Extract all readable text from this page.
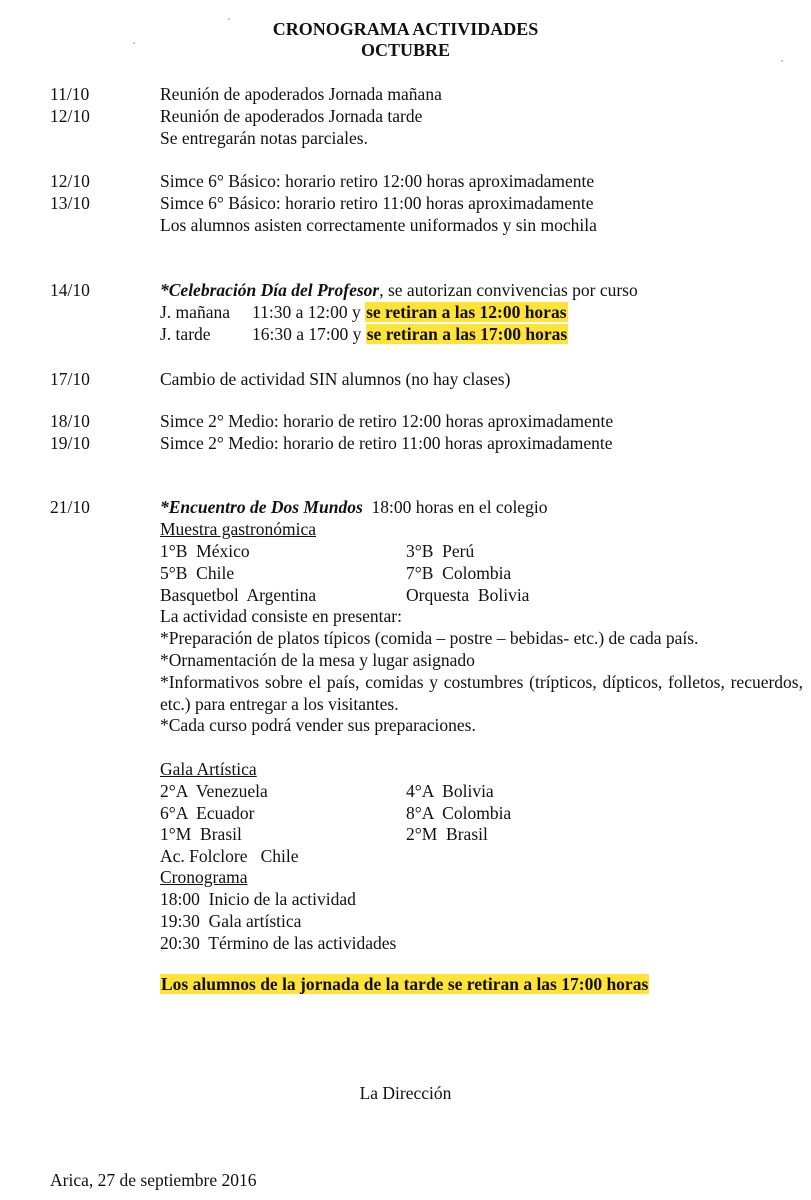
CRONOGRAMA ACTIVIDADES
OCTUBRE
11/10	Reunión de apoderados Jornada mañana
12/10	Reunión de apoderados Jornada tarde
Se entregarán notas parciales.
12/10	Simce 6° Básico: horario retiro 12:00 horas aproximadamente
13/10	Simce 6° Básico: horario retiro 11:00 horas aproximadamente
Los alumnos asisten correctamente uniformados y sin mochila
14/10	*Celebración Día del Profesor, se autorizan convivencias por curso
J. mañana 11:30 a 12:00 y se retiran a las 12:00 horas
J. tarde 16:30 a 17:00 y se retiran a las 17:00 horas
17/10	Cambio de actividad SIN alumnos (no hay clases)
18/10	Simce 2° Medio: horario de retiro 12:00 horas aproximadamente
19/10	Simce 2° Medio: horario de retiro 11:00 horas aproximadamente
21/10	*Encuentro de Dos Mundos  18:00 horas en el colegio
Muestra gastronómica
1°B  México	3°B  Perú
5°B  Chile	7°B  Colombia
Basquetbol  Argentina	Orquesta  Bolivia
La actividad consiste en presentar:
*Preparación de platos típicos (comida – postre – bebidas- etc.) de cada país.
*Ornamentación de la mesa y lugar asignado
*Informativos sobre el país, comidas y costumbres (trípticos, dípticos, folletos, recuerdos, etc.) para entregar a los visitantes.
*Cada curso podrá vender sus preparaciones.
Gala Artística
2°A  Venezuela	4°A  Bolivia
6°A  Ecuador	8°A  Colombia
1°M  Brasil	2°M  Brasil
Ac. Folclore   Chile
Cronograma
18:00  Inicio de la actividad
19:30  Gala artística
20:30  Término de las actividades
Los alumnos de la jornada de la tarde se retiran a las 17:00 horas
La Dirección
Arica, 27 de septiembre 2016
